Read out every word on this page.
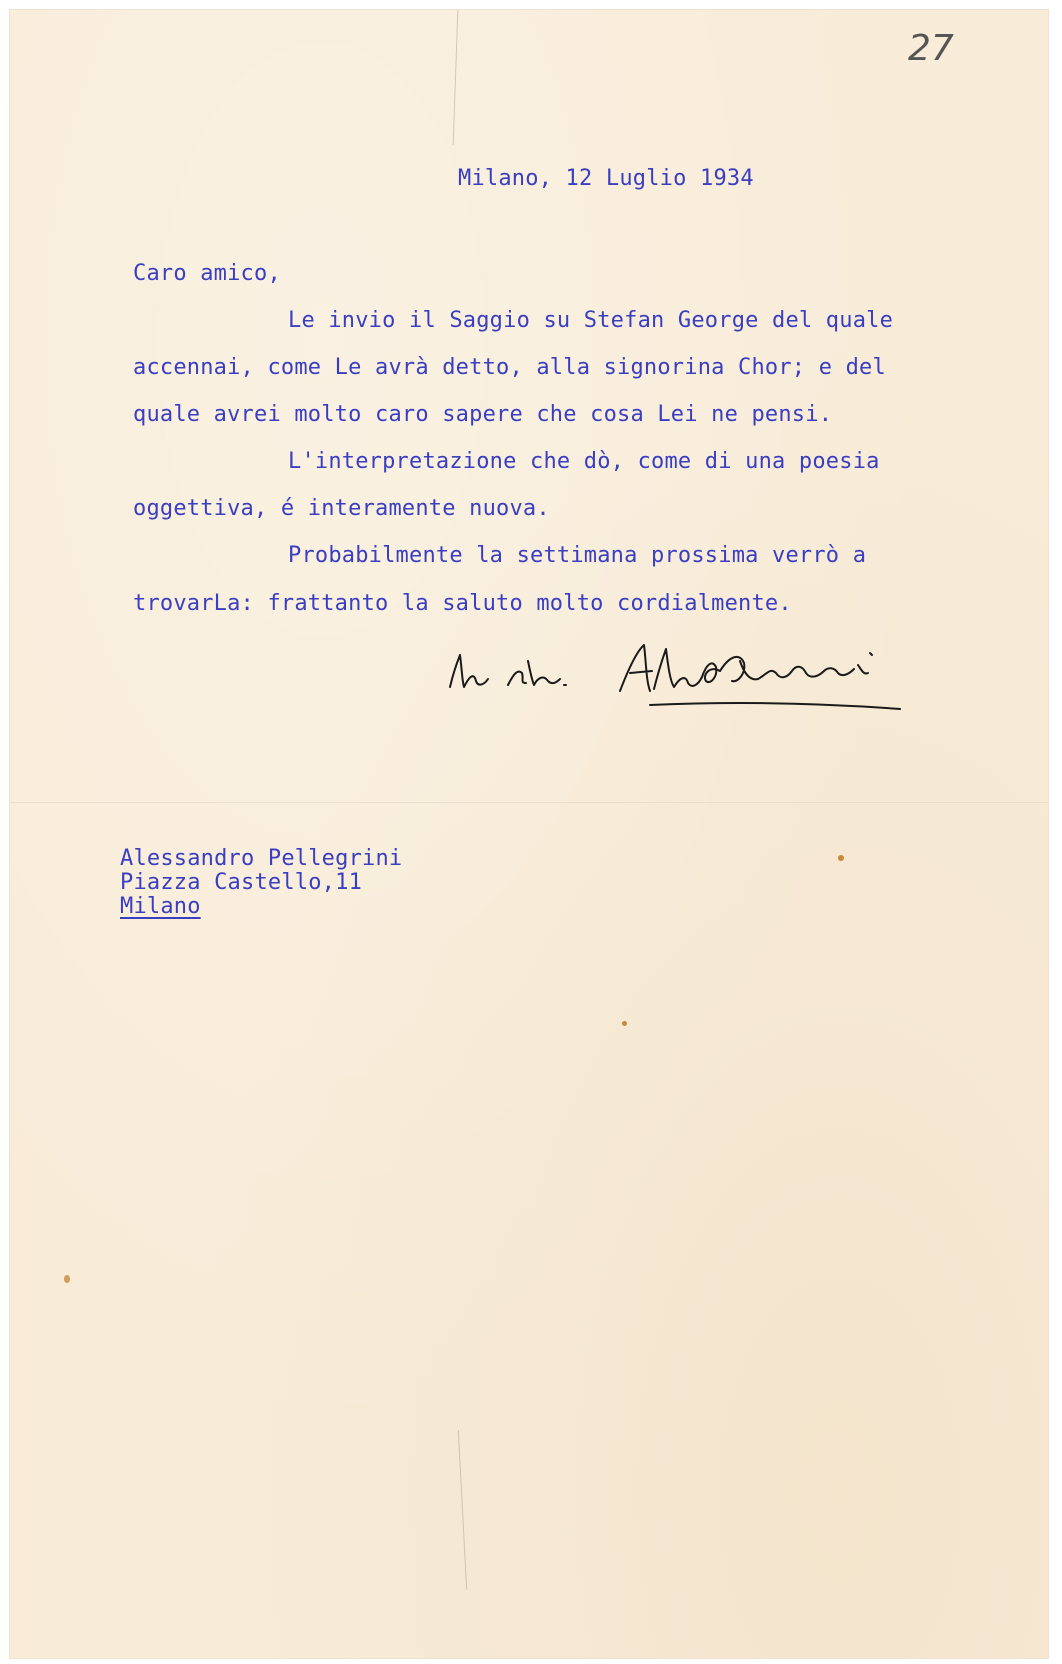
27
Milano, 12 Luglio 1934
Caro amico,
Le invio il Saggio su Stefan George del quale
accennai, come Le avrà detto, alla signorina Chor; e del
quale avrei molto caro sapere che cosa Lei ne pensi.
L'interpretazione che dò, come di una poesia
oggettiva, é interamente nuova.
Probabilmente la settimana prossima verrò a
trovarLa: frattanto la saluto molto cordialmente.
Alessandro Pellegrini
Piazza Castello,11
Milano
